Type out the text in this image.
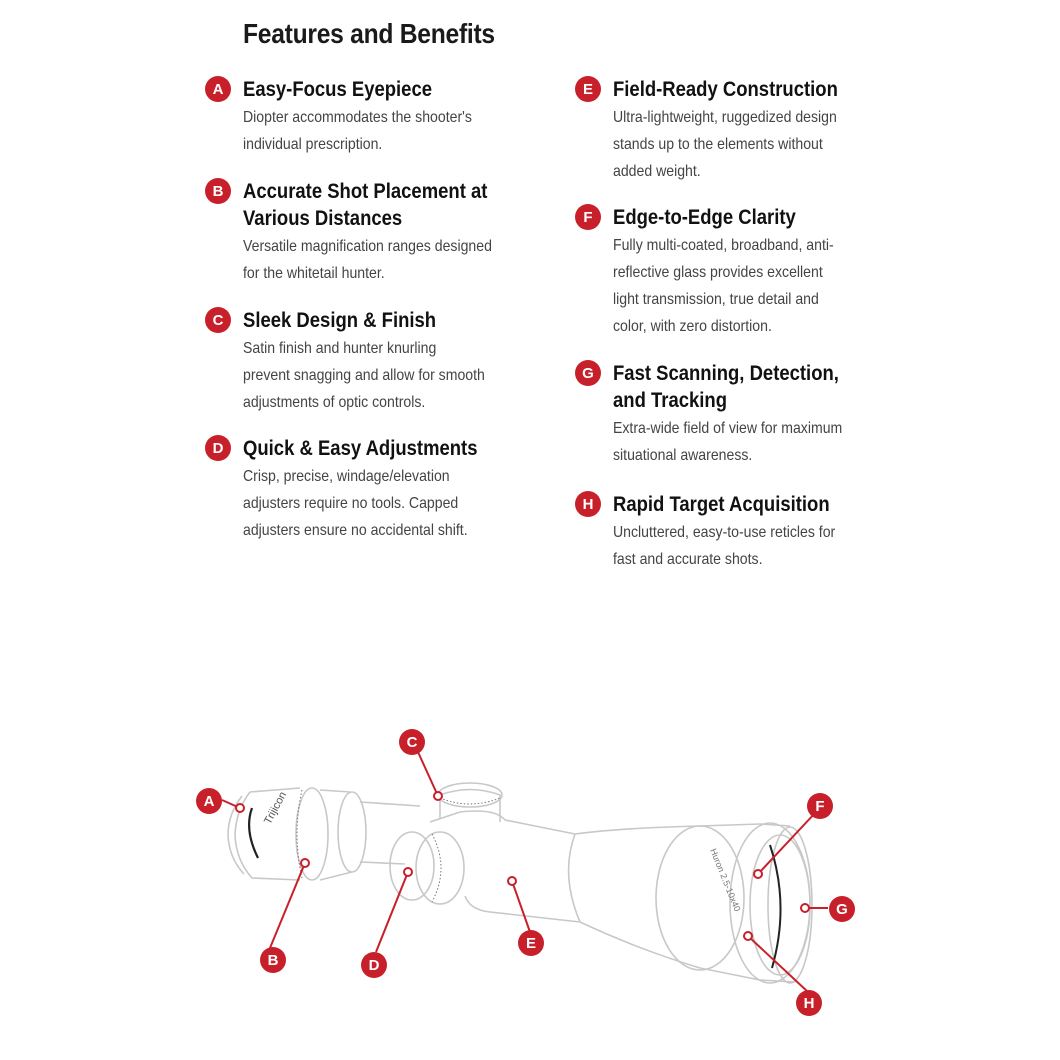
Features and Benefits
A Easy-Focus Eyepiece
Diopter accommodates the shooter's
individual prescription.
B Accurate Shot Placement at
Various Distances
Versatile magnification ranges designed
for the whitetail hunter.
C Sleek Design & Finish
Satin finish and hunter knurling
prevent snagging and allow for smooth
adjustments of optic controls.
D Quick & Easy Adjustments
Crisp, precise, windage/elevation
adjusters require no tools. Capped
adjusters ensure no accidental shift.
E Field-Ready Construction
Ultra-lightweight, ruggedized design
stands up to the elements without
added weight.
F Edge-to-Edge Clarity
Fully multi-coated, broadband, anti-
reflective glass provides excellent
light transmission, true detail and
color, with zero distortion.
G Fast Scanning, Detection,
and Tracking
Extra-wide field of view for maximum
situational awareness.
H Rapid Target Acquisition
Uncluttered, easy-to-use reticles for
fast and accurate shots.
Trijicon
Huron 2.5-10x40
A
B
C
D
E
F
G
H
